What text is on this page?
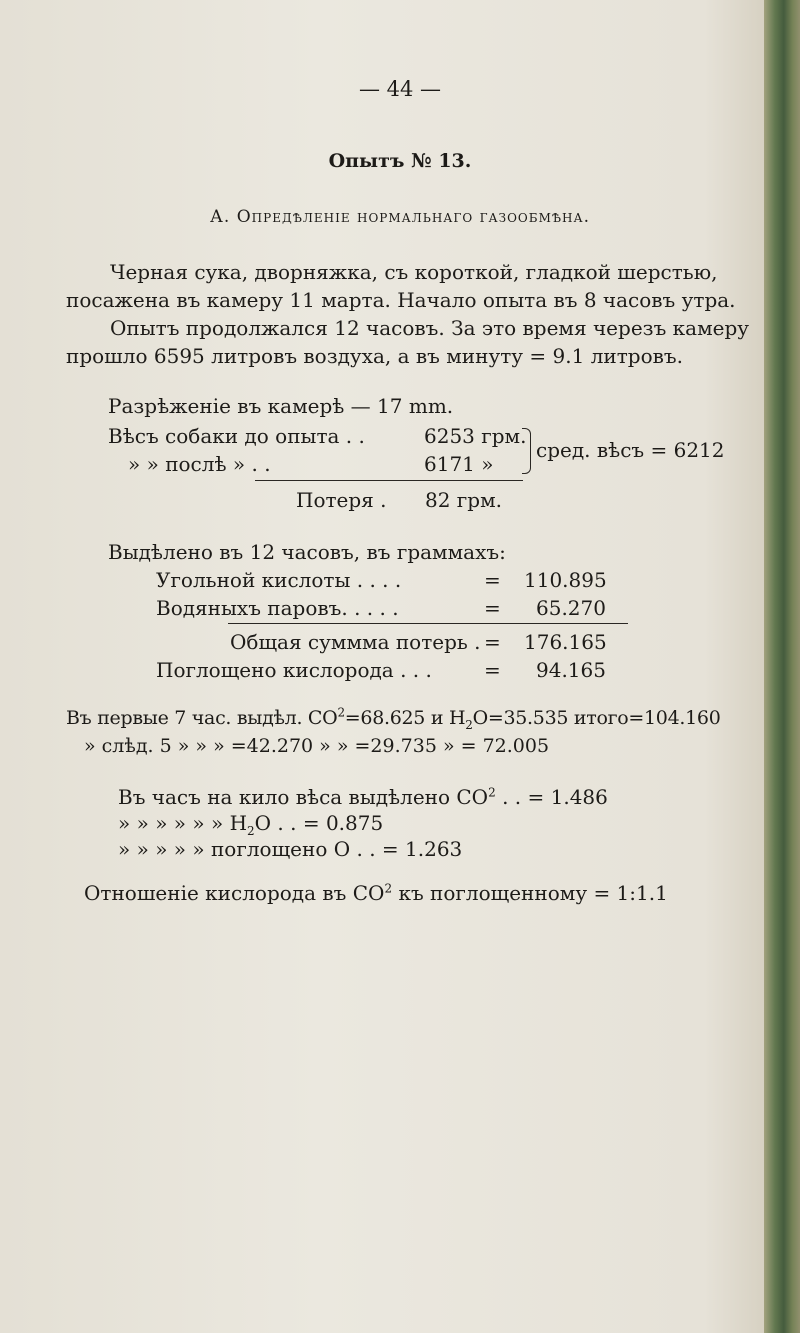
— 44 —
Опытъ № 13.
А. Опредѣленіе нормальнаго газообмѣна.
Черная сука, дворняжка, съ короткой, гладкой шерстью,
посажена въ камеру 11 марта. Начало опыта въ 8 часовъ утра.
Опытъ продолжался 12 часовъ. За это время черезъ камеру
прошло 6595 литровъ воздуха, а въ минуту = 9.1 литровъ.
Разрѣженіе въ камерѣ — 17 mm.
Вѣсъ собаки до опыта . .	6253 грм.
» » послѣ » . .	6171 »
сред. вѣсъ = 6212
Потеря . 82 грм.
Выдѣлено въ 12 часовъ, въ граммахъ:
Угольной кислоты . . . .	= 110.895
Водяныхъ паровъ. . . . .	= 65.270
Общая суммма потерь . = 176.165
Поглощено кислорода . . .	= 94.165
Въ первые 7 час. выдѣл. $CO^2=68.625$ и $H_2O=35.535$ итого=104.160
» слѣд. 5 » » » =42.270 » » =29.735 » = 72.005
Въ часъ на кило вѣса выдѣлено $CO^2$ . . = 1.486
» » » » » » $H_2O$ . . = 0.875
» » » » » поглощено O . . = 1.263
Отношеніе кислорода въ $CO^2$ къ поглощенному = 1:1.1
